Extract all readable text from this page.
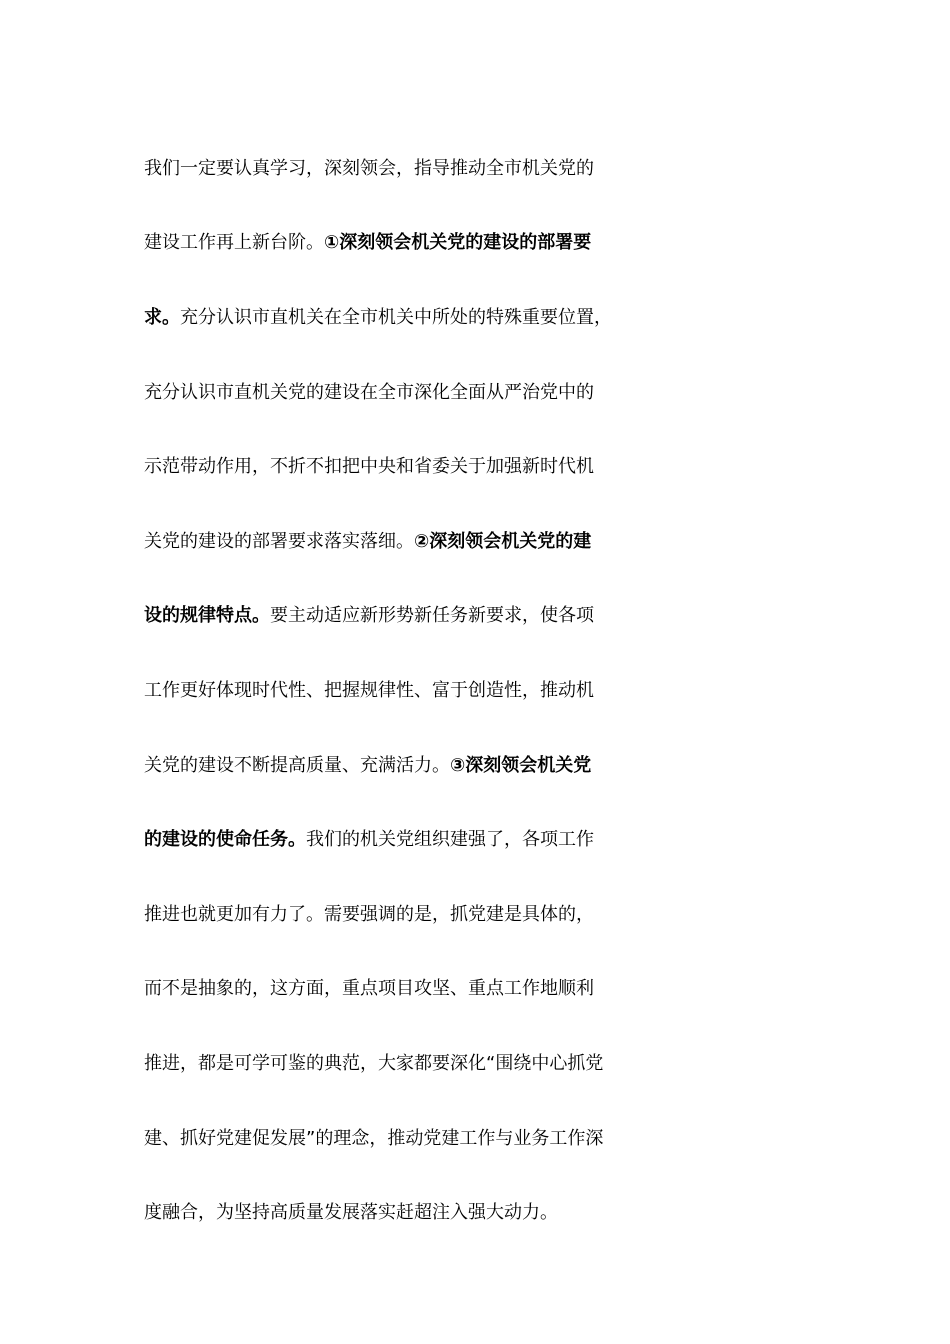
我们一定要认真学习，深刻领会，指导推动全市机关党的

建设工作再上新台阶。①深刻领会机关党的建设的部署要

求。充分认识市直机关在全市机关中所处的特殊重要位置，

充分认识市直机关党的建设在全市深化全面从严治党中的

示范带动作用，不折不扣把中央和省委关于加强新时代机

关党的建设的部署要求落实落细。②深刻领会机关党的建

设的规律特点。要主动适应新形势新任务新要求，使各项

工作更好体现时代性、把握规律性、富于创造性，推动机

关党的建设不断提高质量、充满活力。③深刻领会机关党

的建设的使命任务。我们的机关党组织建强了，各项工作

推进也就更加有力了。需要强调的是，抓党建是具体的，

而不是抽象的，这方面，重点项目攻坚、重点工作地顺利

推进，都是可学可鉴的典范，大家都要深化“围绕中心抓党

建、抓好党建促发展”的理念，推动党建工作与业务工作深

度融合，为坚持高质量发展落实赶超注入强大动力。
